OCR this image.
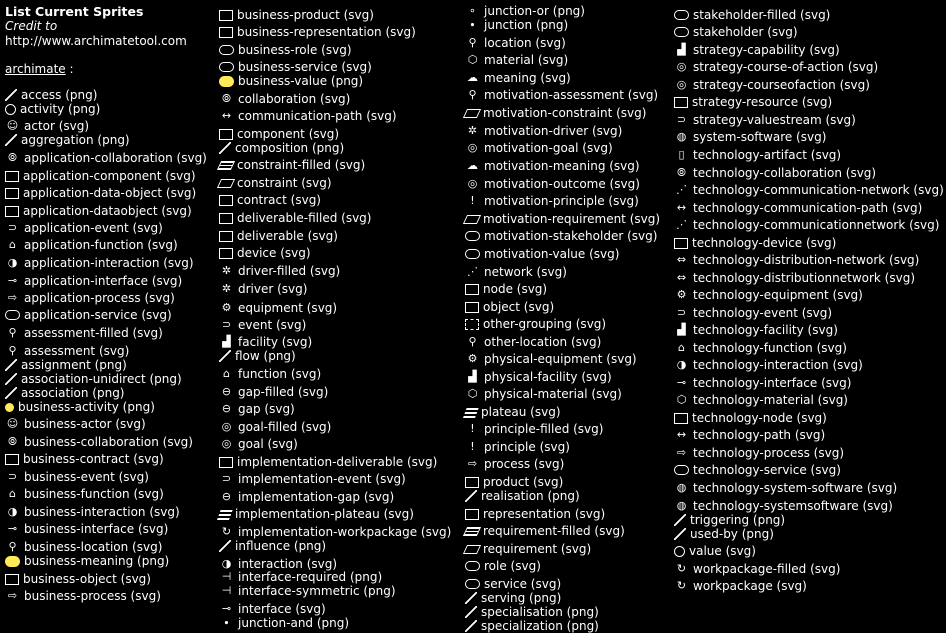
List Current Sprites
Credit to
http://www.archimatetool.com
archimate :
access (png)
activity (png)
☺ actor (svg)
aggregation (png)
⦾ application-collaboration (svg)
application-component (svg)
application-data-object (svg)
application-dataobject (svg)
⊃ application-event (svg)
⌂ application-function (svg)
◑ application-interaction (svg)
⊸ application-interface (svg)
⇨ application-process (svg)
application-service (svg)
⚲ assessment-filled (svg)
⚲ assessment (svg)
assignment (png)
association-unidirect (png)
association (png)
business-activity (png)
☺ business-actor (svg)
⦾ business-collaboration (svg)
business-contract (svg)
⊃ business-event (svg)
⌂ business-function (svg)
◑ business-interaction (svg)
⊸ business-interface (svg)
⚲ business-location (svg)
business-meaning (png)
business-object (svg)
⇨ business-process (svg)
business-product (svg)
business-representation (svg)
business-role (svg)
business-service (svg)
business-value (png)
⦾ collaboration (svg)
↔ communication-path (svg)
component (svg)
composition (png)
constraint-filled (svg)
constraint (svg)
contract (svg)
deliverable-filled (svg)
deliverable (svg)
device (svg)
✲ driver-filled (svg)
✲ driver (svg)
⚙ equipment (svg)
⊃ event (svg)
▟ facility (svg)
flow (png)
⌂ function (svg)
⊖ gap-filled (svg)
⊖ gap (svg)
◎ goal-filled (svg)
◎ goal (svg)
implementation-deliverable (svg)
⊃ implementation-event (svg)
⊖ implementation-gap (svg)
implementation-plateau (svg)
↻ implementation-workpackage (svg)
influence (png)
◑ interaction (svg)
⊣ interface-required (png)
⊣ interface-symmetric (png)
⊸ interface (svg)
∙ junction-and (png)
∘ junction-or (png)
∙ junction (png)
⚲ location (svg)
⬡ material (svg)
☁ meaning (svg)
⚲ motivation-assessment (svg)
motivation-constraint (svg)
✲ motivation-driver (svg)
◎ motivation-goal (svg)
☁ motivation-meaning (svg)
◎ motivation-outcome (svg)
! motivation-principle (svg)
motivation-requirement (svg)
motivation-stakeholder (svg)
motivation-value (svg)
⋰ network (svg)
node (svg)
object (svg)
other-grouping (svg)
⚲ other-location (svg)
⚙ physical-equipment (svg)
▟ physical-facility (svg)
⬡ physical-material (svg)
plateau (svg)
! principle-filled (svg)
! principle (svg)
⇨ process (svg)
product (svg)
realisation (png)
representation (svg)
requirement-filled (svg)
requirement (svg)
role (svg)
service (svg)
serving (png)
specialisation (png)
specialization (png)
stakeholder-filled (svg)
stakeholder (svg)
▟ strategy-capability (svg)
◎ strategy-course-of-action (svg)
◎ strategy-courseofaction (svg)
strategy-resource (svg)
⊃ strategy-valuestream (svg)
◍ system-software (svg)
▯ technology-artifact (svg)
⦾ technology-collaboration (svg)
⋰ technology-communication-network (svg)
↔ technology-communication-path (svg)
⋰ technology-communicationnetwork (svg)
technology-device (svg)
⇔ technology-distribution-network (svg)
⇔ technology-distributionnetwork (svg)
⚙ technology-equipment (svg)
⊃ technology-event (svg)
▟ technology-facility (svg)
⌂ technology-function (svg)
◑ technology-interaction (svg)
⊸ technology-interface (svg)
⬡ technology-material (svg)
technology-node (svg)
↔ technology-path (svg)
⇨ technology-process (svg)
technology-service (svg)
◍ technology-system-software (svg)
◍ technology-systemsoftware (svg)
triggering (png)
used-by (png)
value (svg)
↻ workpackage-filled (svg)
↻ workpackage (svg)
